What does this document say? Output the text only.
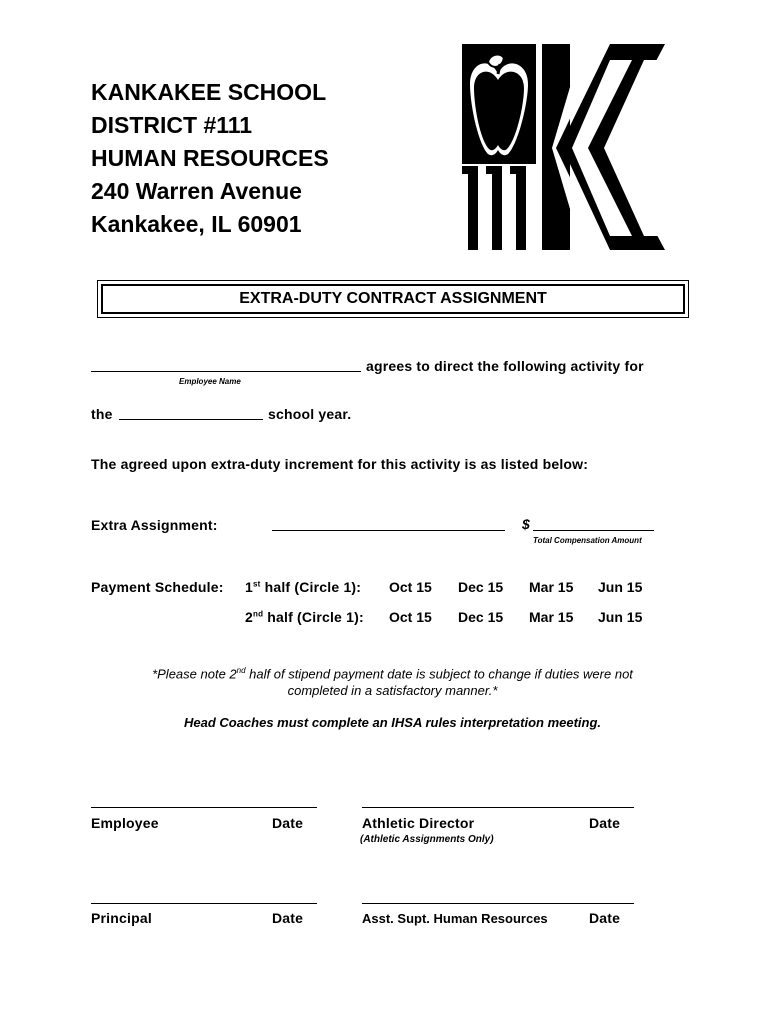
KANKAKEE SCHOOL
DISTRICT #111
HUMAN RESOURCES
240 Warren Avenue
Kankakee, IL 60901
EXTRA-DUTY CONTRACT ASSIGNMENT
agrees to direct the following activity for
Employee Name
the	school year.
The agreed upon extra-duty increment for this activity is as listed below:
Extra Assignment:	$
Total Compensation Amount
Payment Schedule: 1st half (Circle 1): Oct 15 Dec 15 Mar 15 Jun 15
2nd half (Circle 1): Oct 15 Dec 15 Mar 15 Jun 15
*Please note 2nd half of stipend payment date is subject to change if duties were not
completed in a satisfactory manner.*
Head Coaches must complete an IHSA rules interpretation meeting.
Employee	Date	Athletic Director	Date
(Athletic Assignments Only)
Principal	Date	Asst. Supt. Human Resources	Date
